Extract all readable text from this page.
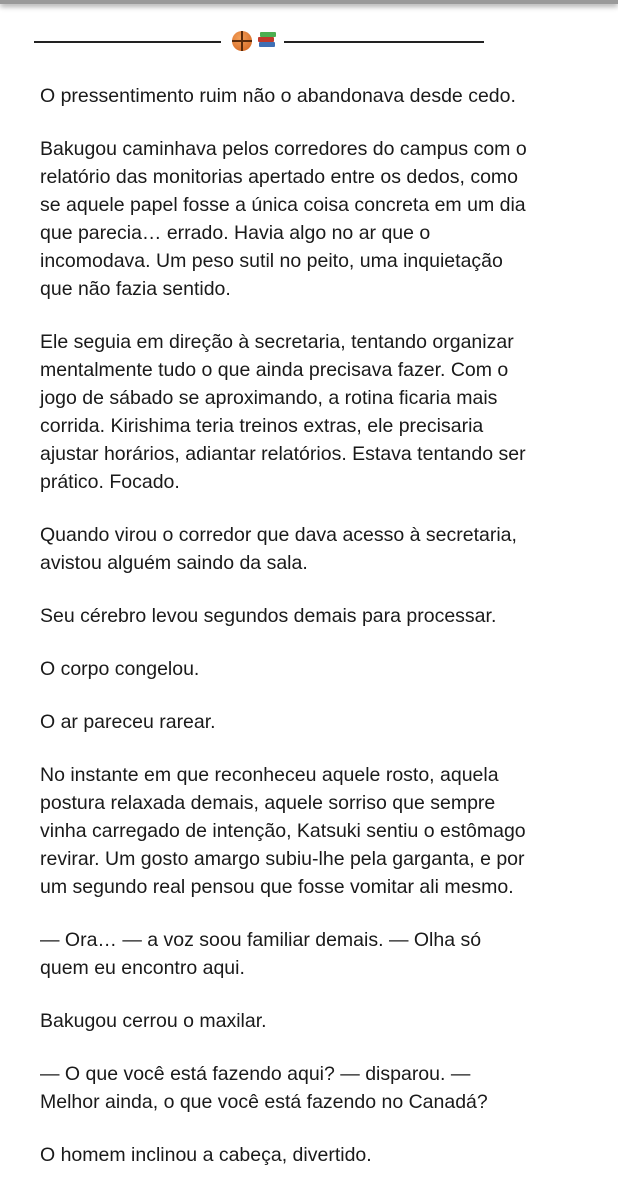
O pressentimento ruim não o abandonava desde cedo.

Bakugou caminhava pelos corredores do campus com o
relatório das monitorias apertado entre os dedos, como
se aquele papel fosse a única coisa concreta em um dia
que parecia… errado. Havia algo no ar que o
incomodava. Um peso sutil no peito, uma inquietação
que não fazia sentido.

Ele seguia em direção à secretaria, tentando organizar
mentalmente tudo o que ainda precisava fazer. Com o
jogo de sábado se aproximando, a rotina ficaria mais
corrida. Kirishima teria treinos extras, ele precisaria
ajustar horários, adiantar relatórios. Estava tentando ser
prático. Focado.

Quando virou o corredor que dava acesso à secretaria,
avistou alguém saindo da sala.

Seu cérebro levou segundos demais para processar.

O corpo congelou.

O ar pareceu rarear.

No instante em que reconheceu aquele rosto, aquela
postura relaxada demais, aquele sorriso que sempre
vinha carregado de intenção, Katsuki sentiu o estômago
revirar. Um gosto amargo subiu-lhe pela garganta, e por
um segundo real pensou que fosse vomitar ali mesmo.

— Ora… — a voz soou familiar demais. — Olha só
quem eu encontro aqui.

Bakugou cerrou o maxilar.

— O que você está fazendo aqui? — disparou. —
Melhor ainda, o que você está fazendo no Canadá?

O homem inclinou a cabeça, divertido.
